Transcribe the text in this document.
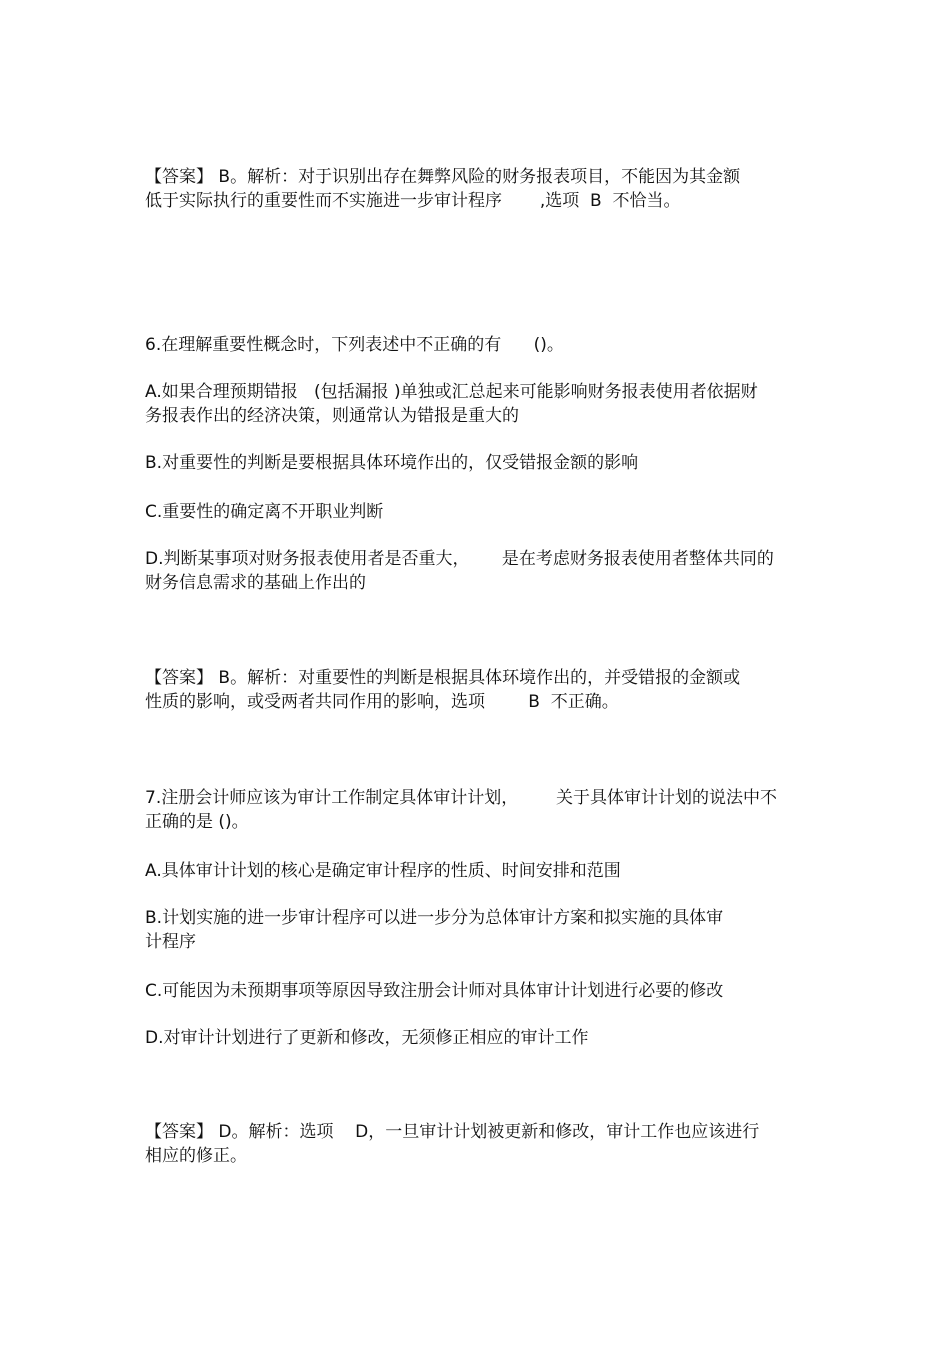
【答案】 B。解析：对于识别出存在舞弊风险的财务报表项目，不能因为其金额

低于实际执行的重要性而不实施进一步审计程序       ,选项  B  不恰当。

6.在理解重要性概念时，下列表述中不正确的有      ()。

A.如果合理预期错报   (包括漏报 )单独或汇总起来可能影响财务报表使用者依据财

务报表作出的经济决策，则通常认为错报是重大的

B.对重要性的判断是要根据具体环境作出的，仅受错报金额的影响

C.重要性的确定离不开职业判断

D.判断某事项对财务报表使用者是否重大，      是在考虑财务报表使用者整体共同的

财务信息需求的基础上作出的

【答案】 B。解析：对重要性的判断是根据具体环境作出的，并受错报的金额或

性质的影响，或受两者共同作用的影响，选项        B  不正确。

7.注册会计师应该为审计工作制定具体审计计划，       关于具体审计计划的说法中不

正确的是 ()。

A.具体审计计划的核心是确定审计程序的性质、时间安排和范围

B.计划实施的进一步审计程序可以进一步分为总体审计方案和拟实施的具体审

计程序

C.可能因为未预期事项等原因导致注册会计师对具体审计计划进行必要的修改

D.对审计计划进行了更新和修改，无须修正相应的审计工作

【答案】 D。解析：选项    D，一旦审计计划被更新和修改，审计工作也应该进行

相应的修正。
